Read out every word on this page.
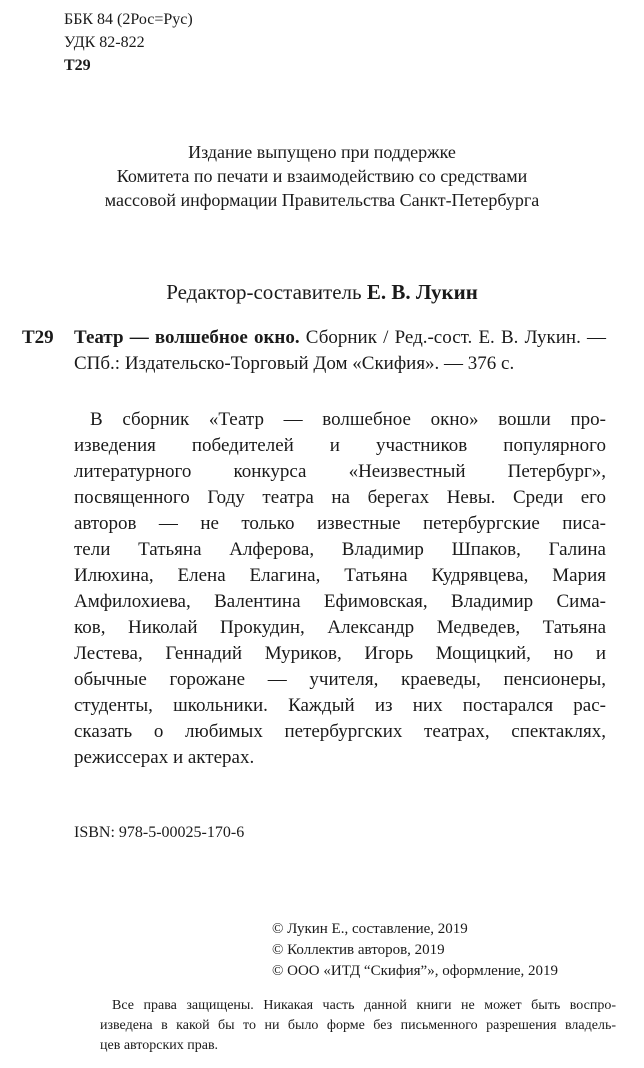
ББК 84 (2Рос=Рус)
УДК 82-822
Т29
Издание выпущено при поддержке
Комитета по печати и взаимодействию со средствами
массовой информации Правительства Санкт-Петербурга
Редактор-составитель Е. В. Лукин
Т29 Театр — волшебное окно. Сборник / Ред.-сост. Е. В. Лукин. — СПб.: Издательско-Торговый Дом «Скифия». — 376 с.
В сборник «Театр — волшебное окно» вошли про-
изведения победителей и участников популярного
литературного конкурса «Неизвестный Петербург»,
посвященного Году театра на берегах Невы. Среди его
авторов — не только известные петербургские писа-
тели Татьяна Алферова, Владимир Шпаков, Галина
Илюхина, Елена Елагина, Татьяна Кудрявцева, Мария
Амфилохиева, Валентина Ефимовская, Владимир Сима-
ков, Николай Прокудин, Александр Медведев, Татьяна
Лестева, Геннадий Муриков, Игорь Мощицкий, но и
обычные горожане — учителя, краеведы, пенсионеры,
студенты, школьники. Каждый из них постарался рас-
сказать о любимых петербургских театрах, спектаклях,
режиссерах и актерах.
ISBN: 978-5-00025-170-6
© Лукин Е., составление, 2019
© Коллектив авторов, 2019
© ООО «ИТД “Скифия”», оформление, 2019
Все права защищены. Никакая часть данной книги не может быть воспро-
изведена в какой бы то ни было форме без письменного разрешения владель-
цев авторских прав.
